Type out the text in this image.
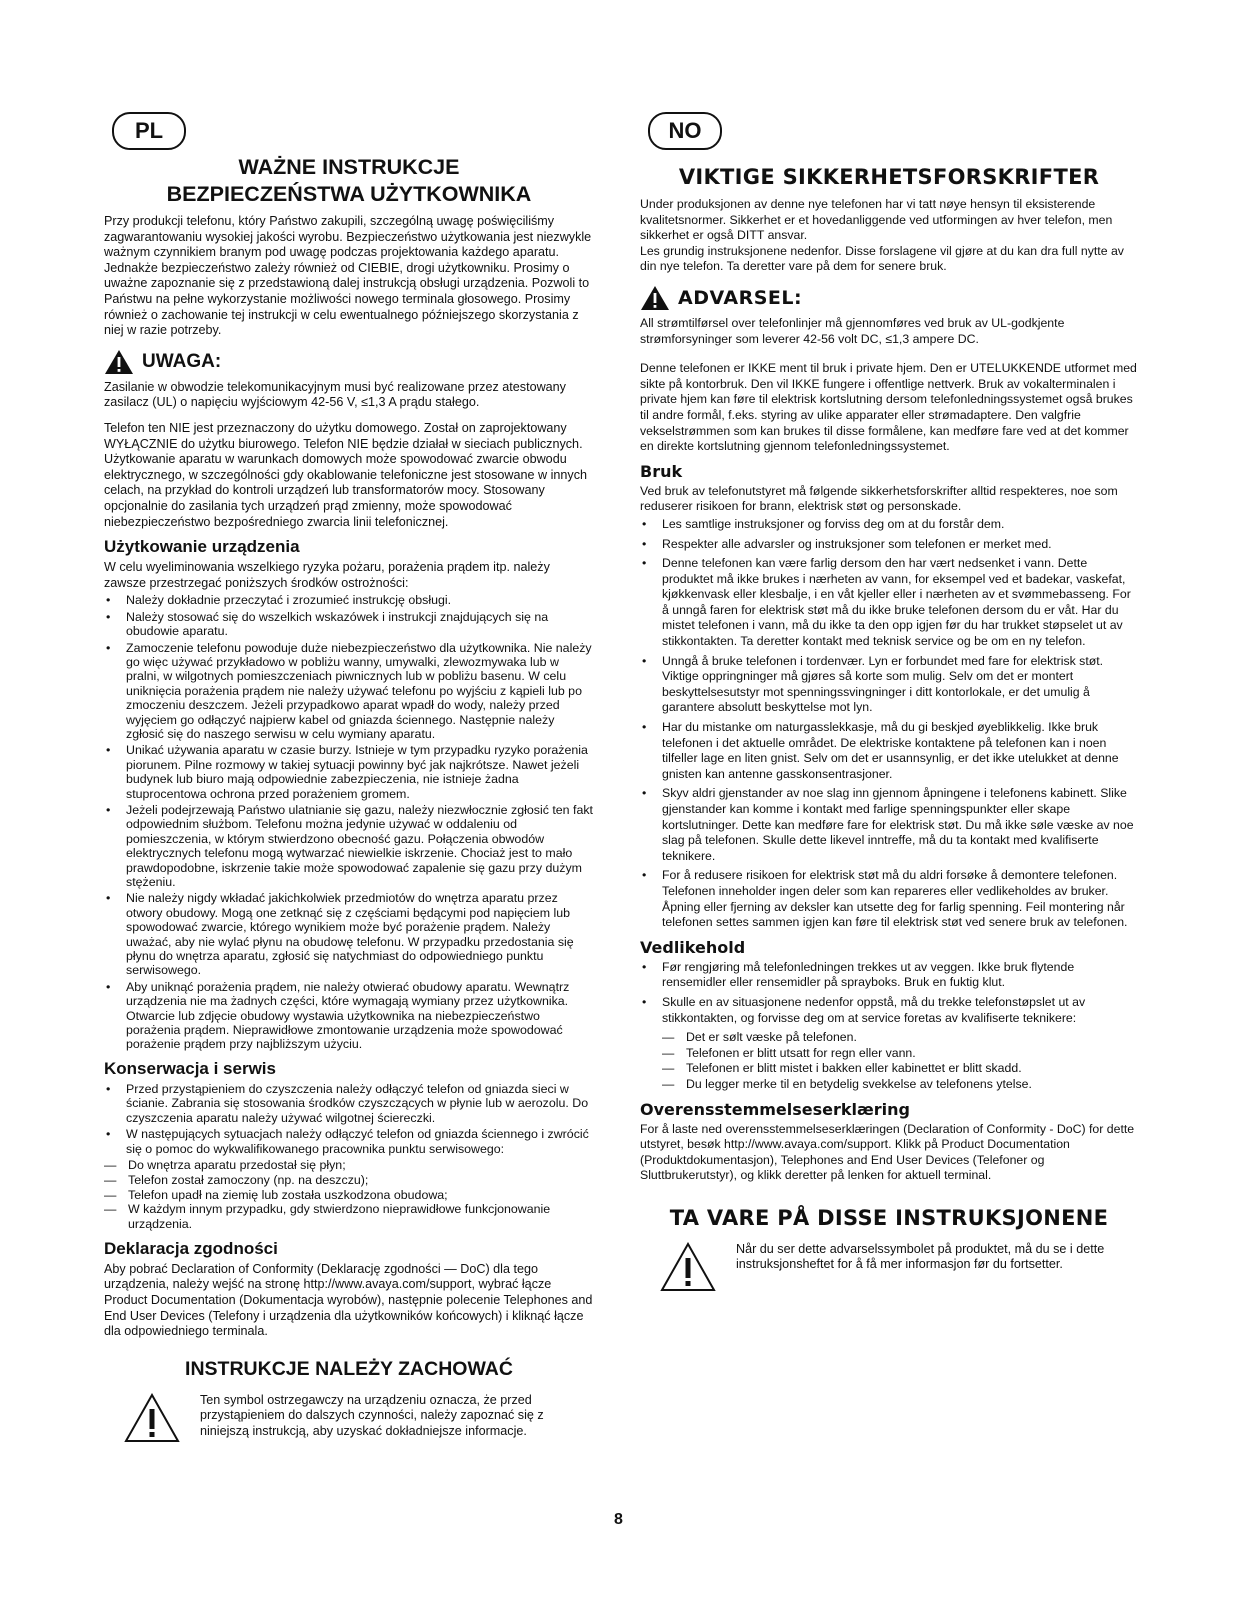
PL
WAŻNE INSTRUKCJE
BEZPIECZEŃSTWA UŻYTKOWNIKA

Przy produkcji telefonu, który Państwo zakupili, szczególną uwagę poświęciliśmy zagwarantowaniu wysokiej jakości wyrobu. Bezpieczeństwo użytkowania jest niezwykle ważnym czynnikiem branym pod uwagę podczas projektowania każdego aparatu. Jednakże bezpieczeństwo zależy również od CIEBIE, drogi użytkowniku. Prosimy o uważne zapoznanie się z przedstawioną dalej instrukcją obsługi urządzenia. Pozwoli to Państwu na pełne wykorzystanie możliwości nowego terminala głosowego. Prosimy również o zachowanie tej instrukcji w celu ewentualnego późniejszego skorzystania z niej w razie potrzeby.

UWAGA:

Zasilanie w obwodzie telekomunikacyjnym musi być realizowane przez atestowany zasilacz (UL) o napięciu wyjściowym 42-56 V, ≤1,3 A prądu stałego.

Telefon ten NIE jest przeznaczony do użytku domowego. Został on zaprojektowany WYŁĄCZNIE do użytku biurowego. Telefon NIE będzie działał w sieciach publicznych. Użytkowanie aparatu w warunkach domowych może spowodować zwarcie obwodu elektrycznego, w szczególności gdy okablowanie telefoniczne jest stosowane w innych celach, na przykład do kontroli urządzeń lub transformatorów mocy. Stosowany opcjonalnie do zasilania tych urządzeń prąd zmienny, może spowodować niebezpieczeństwo bezpośredniego zwarcia linii telefonicznej.

Użytkowanie urządzenia

W celu wyeliminowania wszelkiego ryzyka pożaru, porażenia prądem itp. należy zawsze przestrzegać poniższych środków ostrożności:

• Należy dokładnie przeczytać i zrozumieć instrukcję obsługi.
• Należy stosować się do wszelkich wskazówek i instrukcji znajdujących się na obudowie aparatu.
• Zamoczenie telefonu powoduje duże niebezpieczeństwo dla użytkownika. Nie należy go więc używać przykładowo w pobliżu wanny, umywalki, zlewozmywaka lub w pralni, w wilgotnych pomieszczeniach piwnicznych lub w pobliżu basenu. W celu uniknięcia porażenia prądem nie należy używać telefonu po wyjściu z kąpieli lub po zmoczeniu deszczem. Jeżeli przypadkowo aparat wpadł do wody, należy przed wyjęciem go odłączyć najpierw kabel od gniazda ściennego. Następnie należy zgłosić się do naszego serwisu w celu wymiany aparatu.
• Unikać używania aparatu w czasie burzy. Istnieje w tym przypadku ryzyko porażenia piorunem. Pilne rozmowy w takiej sytuacji powinny być jak najkrótsze. Nawet jeżeli budynek lub biuro mają odpowiednie zabezpieczenia, nie istnieje żadna stuprocentowa ochrona przed porażeniem gromem.
• Jeżeli podejrzewają Państwo ulatnianie się gazu, należy niezwłocznie zgłosić ten fakt odpowiednim służbom. Telefonu można jedynie używać w oddaleniu od pomieszczenia, w którym stwierdzono obecność gazu. Połączenia obwodów elektrycznych telefonu mogą wytwarzać niewielkie iskrzenie. Chociaż jest to mało prawdopodobne, iskrzenie takie może spowodować zapalenie się gazu przy dużym stężeniu.
• Nie należy nigdy wkładać jakichkolwiek przedmiotów do wnętrza aparatu przez otwory obudowy. Mogą one zetknąć się z częściami będącymi pod napięciem lub spowodować zwarcie, którego wynikiem może być porażenie prądem. Należy uważać, aby nie wylać płynu na obudowę telefonu. W przypadku przedostania się płynu do wnętrza aparatu, zgłosić się natychmiast do odpowiedniego punktu serwisowego.
• Aby uniknąć porażenia prądem, nie należy otwierać obudowy aparatu. Wewnątrz urządzenia nie ma żadnych części, które wymagają wymiany przez użytkownika. Otwarcie lub zdjęcie obudowy wystawia użytkownika na niebezpieczeństwo porażenia prądem. Nieprawidłowe zmontowanie urządzenia może spowodować porażenie prądem przy najbliższym użyciu.
Konserwacja i serwis
• Przed przystąpieniem do czyszczenia należy odłączyć telefon od gniazda sieci w ścianie. Zabrania się stosowania środków czyszczących w płynie lub w aerozolu. Do czyszczenia aparatu należy używać wilgotnej ściereczki.
• W następujących sytuacjach należy odłączyć telefon od gniazda ściennego i zwrócić się o pomoc do wykwalifikowanego pracownika punktu serwisowego:
— Do wnętrza aparatu przedostał się płyn;
— Telefon został zamoczony (np. na deszczu);
— Telefon upadł na ziemię lub została uszkodzona obudowa;
— W każdym innym przypadku, gdy stwierdzono nieprawidłowe funkcjonowanie urządzenia.
Deklaracja zgodności

Aby pobrać Declaration of Conformity (Deklarację zgodności — DoC) dla tego urządzenia, należy wejść na stronę http://www.avaya.com/support, wybrać łącze Product Documentation (Dokumentacja wyrobów), następnie polecenie Telephones and End User Devices (Telefony i urządzenia dla użytkowników końcowych) i kliknąć łącze dla odpowiedniego terminala.

INSTRUKCJE NALEŻY ZACHOWAĆ

Ten symbol ostrzegawczy na urządzeniu oznacza, że przed przystąpieniem do dalszych czynności, należy zapoznać się z niniejszą instrukcją, aby uzyskać dokładniejsze informacje.

NO
VIKTIGE SIKKERHETSFORSKRIFTER

Under produksjonen av denne nye telefonen har vi tatt nøye hensyn til eksisterende kvalitetsnormer. Sikkerhet er et hovedanliggende ved utformingen av hver telefon, men sikkerhet er også DITT ansvar.

Les grundig instruksjonene nedenfor. Disse forslagene vil gjøre at du kan dra full nytte av din nye telefon. Ta deretter vare på dem for senere bruk.

ADVARSEL:

All strømtilførsel over telefonlinjer må gjennomføres ved bruk av UL-godkjente strømforsyninger som leverer 42-56 volt DC, ≤1,3 ampere DC.

Denne telefonen er IKKE ment til bruk i private hjem. Den er UTELUKKENDE utformet med sikte på kontorbruk. Den vil IKKE fungere i offentlige nettverk. Bruk av vokalterminalen i private hjem kan føre til elektrisk kortslutning dersom telefonledningssystemet også brukes til andre formål, f.eks. styring av ulike apparater eller strømadaptere. Den valgfrie vekselstrømmen som kan brukes til disse formålene, kan medføre fare ved at det kommer en direkte kortslutning gjennom telefonledningssystemet.

Bruk

Ved bruk av telefonutstyret må følgende sikkerhetsforskrifter alltid respekteres, noe som reduserer risikoen for brann, elektrisk støt og personskade.

• Les samtlige instruksjoner og forviss deg om at du forstår dem.
• Respekter alle advarsler og instruksjoner som telefonen er merket med.
• Denne telefonen kan være farlig dersom den har vært nedsenket i vann. Dette produktet må ikke brukes i nærheten av vann, for eksempel ved et badekar, vaskefat, kjøkkenvask eller klesbalje, i en våt kjeller eller i nærheten av et svømmebasseng. For å unngå faren for elektrisk støt må du ikke bruke telefonen dersom du er våt. Har du mistet telefonen i vann, må du ikke ta den opp igjen før du har trukket støpselet ut av stikkontakten. Ta deretter kontakt med teknisk service og be om en ny telefon.
• Unngå å bruke telefonen i tordenvær. Lyn er forbundet med fare for elektrisk støt. Viktige oppringninger må gjøres så korte som mulig. Selv om det er montert beskyttelsesutstyr mot spenningssvingninger i ditt kontorlokale, er det umulig å garantere absolutt beskyttelse mot lyn.
• Har du mistanke om naturgasslekkasje, må du gi beskjed øyeblikkelig. Ikke bruk telefonen i det aktuelle området. De elektriske kontaktene på telefonen kan i noen tilfeller lage en liten gnist. Selv om det er usannsynlig, er det ikke utelukket at denne gnisten kan antenne gasskonsentrasjoner.
• Skyv aldri gjenstander av noe slag inn gjennom åpningene i telefonens kabinett. Slike gjenstander kan komme i kontakt med farlige spenningspunkter eller skape kortslutninger. Dette kan medføre fare for elektrisk støt. Du må ikke søle væske av noe slag på telefonen. Skulle dette likevel inntreffe, må du ta kontakt med kvalifiserte teknikere.
• For å redusere risikoen for elektrisk støt må du aldri forsøke å demontere telefonen. Telefonen inneholder ingen deler som kan repareres eller vedlikeholdes av bruker. Åpning eller fjerning av deksler kan utsette deg for farlig spenning. Feil montering når telefonen settes sammen igjen kan føre til elektrisk støt ved senere bruk av telefonen.
Vedlikehold
• Før rengjøring må telefonledningen trekkes ut av veggen. Ikke bruk flytende rensemidler eller rensemidler på sprayboks. Bruk en fuktig klut.
• Skulle en av situasjonene nedenfor oppstå, må du trekke telefonstøpslet ut av stikkontakten, og forvisse deg om at service foretas av kvalifiserte teknikere:
— Det er sølt væske på telefonen.
— Telefonen er blitt utsatt for regn eller vann.
— Telefonen er blitt mistet i bakken eller kabinettet er blitt skadd.
— Du legger merke til en betydelig svekkelse av telefonens ytelse.
Overensstemmelseserklæring

For å laste ned overensstemmelseserklæringen (Declaration of Conformity - DoC) for dette utstyret, besøk http://www.avaya.com/support. Klikk på Product Documentation (Produktdokumentasjon), Telephones and End User Devices (Telefoner og Sluttbrukerutstyr), og klikk deretter på lenken for aktuell terminal.

TA VARE PÅ DISSE INSTRUKSJONENE

Når du ser dette advarselssymbolet på produktet, må du se i dette instruksjonsheftet for å få mer informasjon før du fortsetter.

8
